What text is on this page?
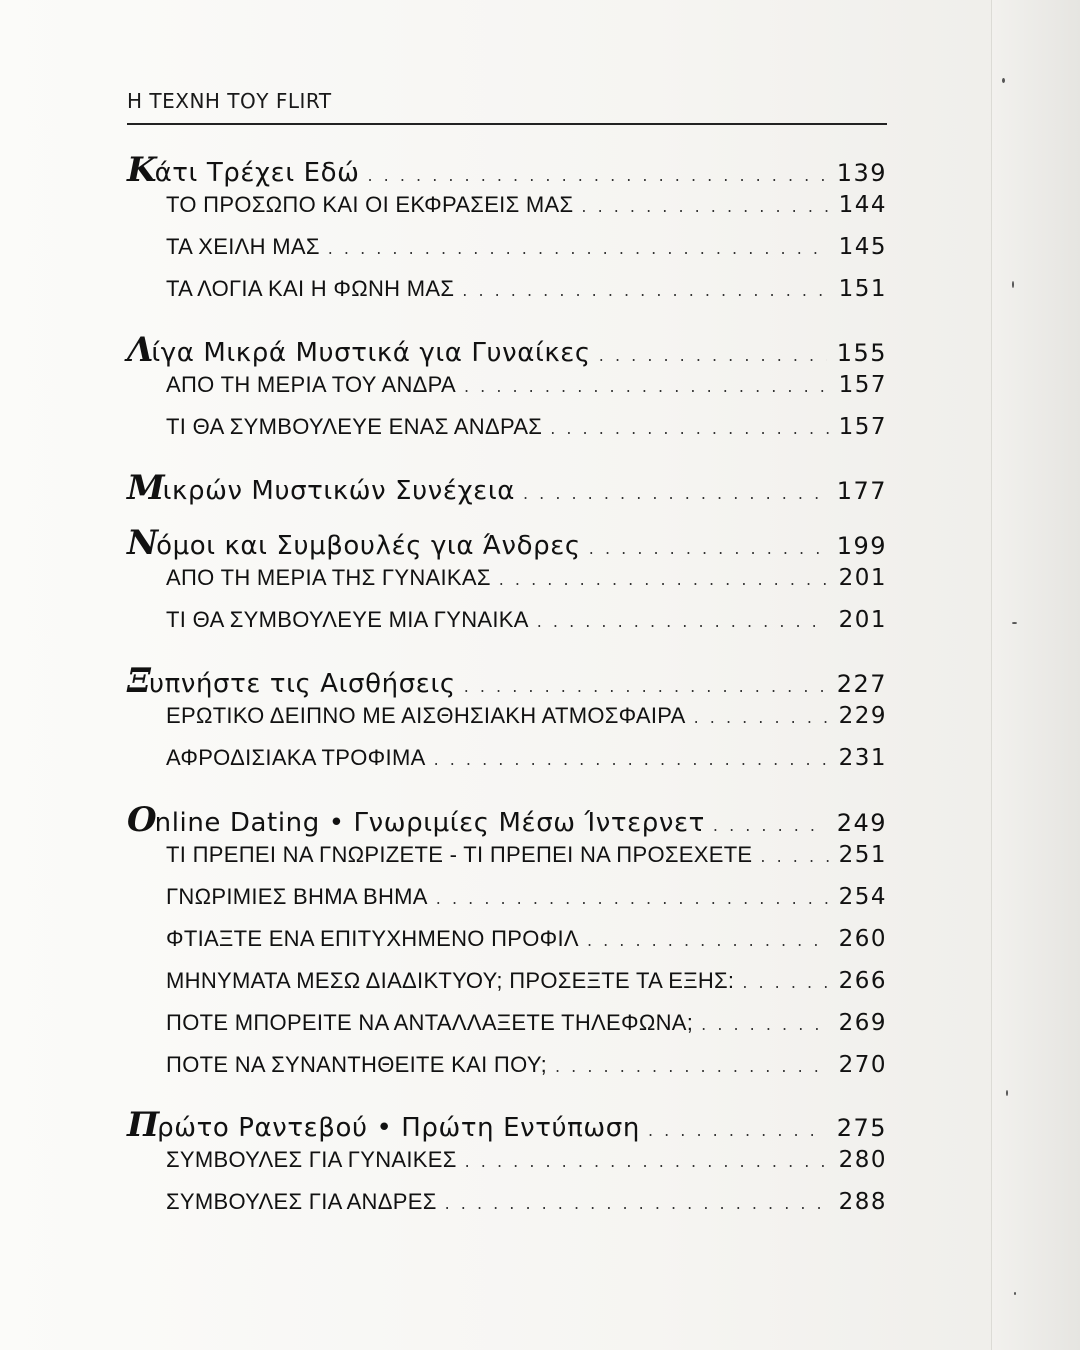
Η ΤΕΧΝΗ ΤΟΥ FLIRT
Κάτι Τρέχει Εδώ . . .	139
ΤΟ ΠΡΟΣΩΠΟ ΚΑΙ ΟΙ ΕΚΦΡΑΣΕΙΣ ΜΑΣ . . .	144
ΤΑ ΧΕΙΛΗ ΜΑΣ . . .	145
ΤΑ ΛΟΓΙΑ ΚΑΙ Η ΦΩΝΗ ΜΑΣ . . .	151
Λίγα Μικρά Μυστικά για Γυναίκες . . .	155
ΑΠΟ ΤΗ ΜΕΡΙΑ ΤΟΥ ΑΝΔΡΑ . . .	157
ΤΙ ΘΑ ΣΥΜΒΟΥΛΕΥΕ ΕΝΑΣ ΑΝΔΡΑΣ . . .	157
Μικρών Μυστικών Συνέχεια . . .	177
Νόμοι και Συμβουλές για Άνδρες . . .	199
ΑΠΟ ΤΗ ΜΕΡΙΑ ΤΗΣ ΓΥΝΑΙΚΑΣ . . .	201
ΤΙ ΘΑ ΣΥΜΒΟΥΛΕΥΕ ΜΙΑ ΓΥΝΑΙΚΑ . . .	201
Ξυπνήστε τις Αισθήσεις . . .	227
ΕΡΩΤΙΚΟ ΔΕΙΠΝΟ ΜΕ ΑΙΣΘΗΣΙΑΚΗ ΑΤΜΟΣΦΑΙΡΑ . . .	229
ΑΦΡΟΔΙΣΙΑΚΑ ΤΡΟΦΙΜΑ . . .	231
Online Dating • Γνωριμίες Μέσω Ίντερνετ . . .	249
ΤΙ ΠΡΕΠΕΙ ΝΑ ΓΝΩΡΙΖΕΤΕ - ΤΙ ΠΡΕΠΕΙ ΝΑ ΠΡΟΣΕΧΕΤΕ . . .	251
ΓΝΩΡΙΜΙΕΣ ΒΗΜΑ ΒΗΜΑ . . .	254
ΦΤΙΑΞΤΕ ΕΝΑ ΕΠΙΤΥΧΗΜΕΝΟ ΠΡΟΦΙΛ . . .	260
ΜΗΝΥΜΑΤΑ ΜΕΣΩ ΔΙΑΔΙΚΤΥΟΥ; ΠΡΟΣΕΞΤΕ ΤΑ ΕΞΗΣ: . . .	266
ΠΟΤΕ ΜΠΟΡΕΙΤΕ ΝΑ ΑΝΤΑΛΛΑΞΕΤΕ ΤΗΛΕΦΩΝΑ; . . .	269
ΠΟΤΕ ΝΑ ΣΥΝΑΝΤΗΘΕΙΤΕ ΚΑΙ ΠΟΥ; . . .	270
Πρώτο Ραντεβού • Πρώτη Εντύπωση . . .	275
ΣΥΜΒΟΥΛΕΣ ΓΙΑ ΓΥΝΑΙΚΕΣ . . .	280
ΣΥΜΒΟΥΛΕΣ ΓΙΑ ΑΝΔΡΕΣ . . .	288
